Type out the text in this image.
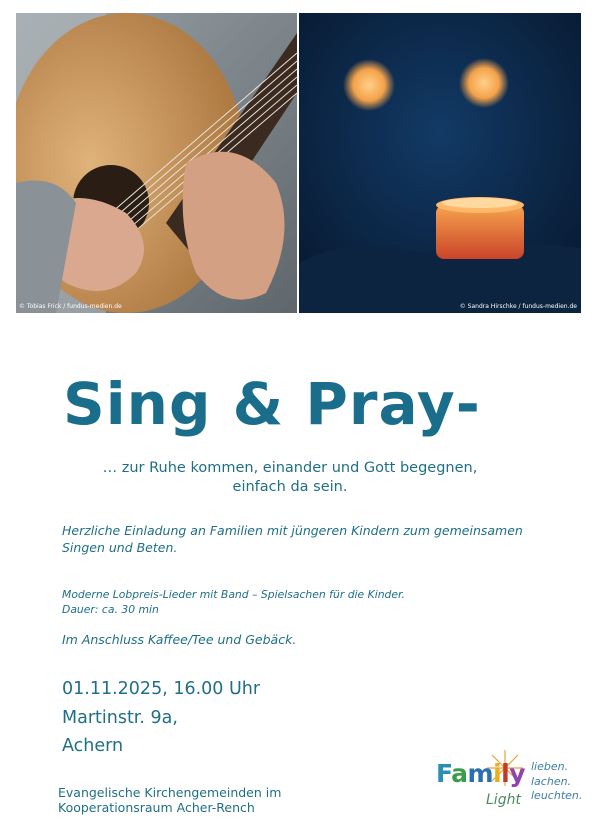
© Tobias Frick / fundus-medien.de	© Sandra Hirschke / fundus-medien.de
Sing & Pray-
… zur Ruhe kommen, einander und Gott begegnen,
einfach da sein.
Herzliche Einladung an Familien mit jüngeren Kindern zum gemeinsamen
Singen und Beten.
Moderne Lobpreis-Lieder mit Band – Spielsachen für die Kinder.
Dauer: ca. 30 min
Im Anschluss Kaffee/Tee und Gebäck.
01.11.2025, 16.00 Uhr
Martinstr. 9a,
Achern
Evangelische Kirchengemeinden im
Kooperationsraum Acher-Rench
Family
Light
lieben.
lachen.
leuchten.
